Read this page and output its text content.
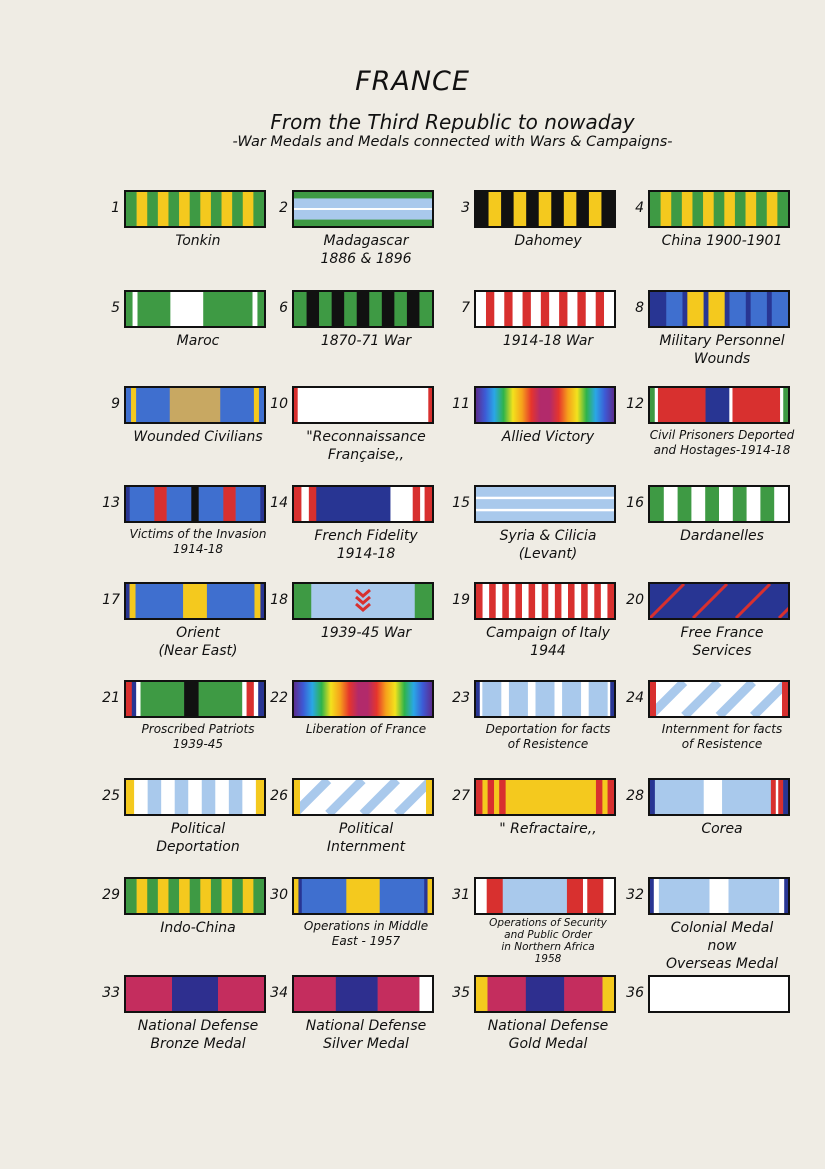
FRANCE
From the Third Republic to nowaday
-War Medals and Medals connected with Wars & Campaigns-
1
Tonkin
2
Madagascar
1886 & 1896
3
Dahomey
4
China 1900-1901
5
Maroc
6
1870-71 War
7
1914-18 War
8
Military Personnel
Wounds
9
Wounded Civilians
10
"Reconnaissance
Française,,
11
Allied Victory
12
Civil Prisoners Deported
and Hostages-1914-18
13
Victims of the Invasion
1914-18
14
French Fidelity
1914-18
15
Syria & Cilicia
(Levant)
16
Dardanelles
17
Orient
(Near East)
18
1939-45 War
19
Campaign of Italy
1944
20
Free France
Services
21
Proscribed Patriots
1939-45
22
Liberation of France
23
Deportation for facts
of Resistence
24
Internment for facts
of Resistence
25
Political
Deportation
26
Political
Internment
27
" Refractaire,,
28
Corea
29
Indo-China
30
Operations in Middle
East - 1957
31
Operations of Security
and Public Order
in Northern Africa
1958
32
Colonial Medal
now
Overseas Medal
33
National Defense
Bronze Medal
34
National Defense
Silver Medal
35
National Defense
Gold Medal
36
